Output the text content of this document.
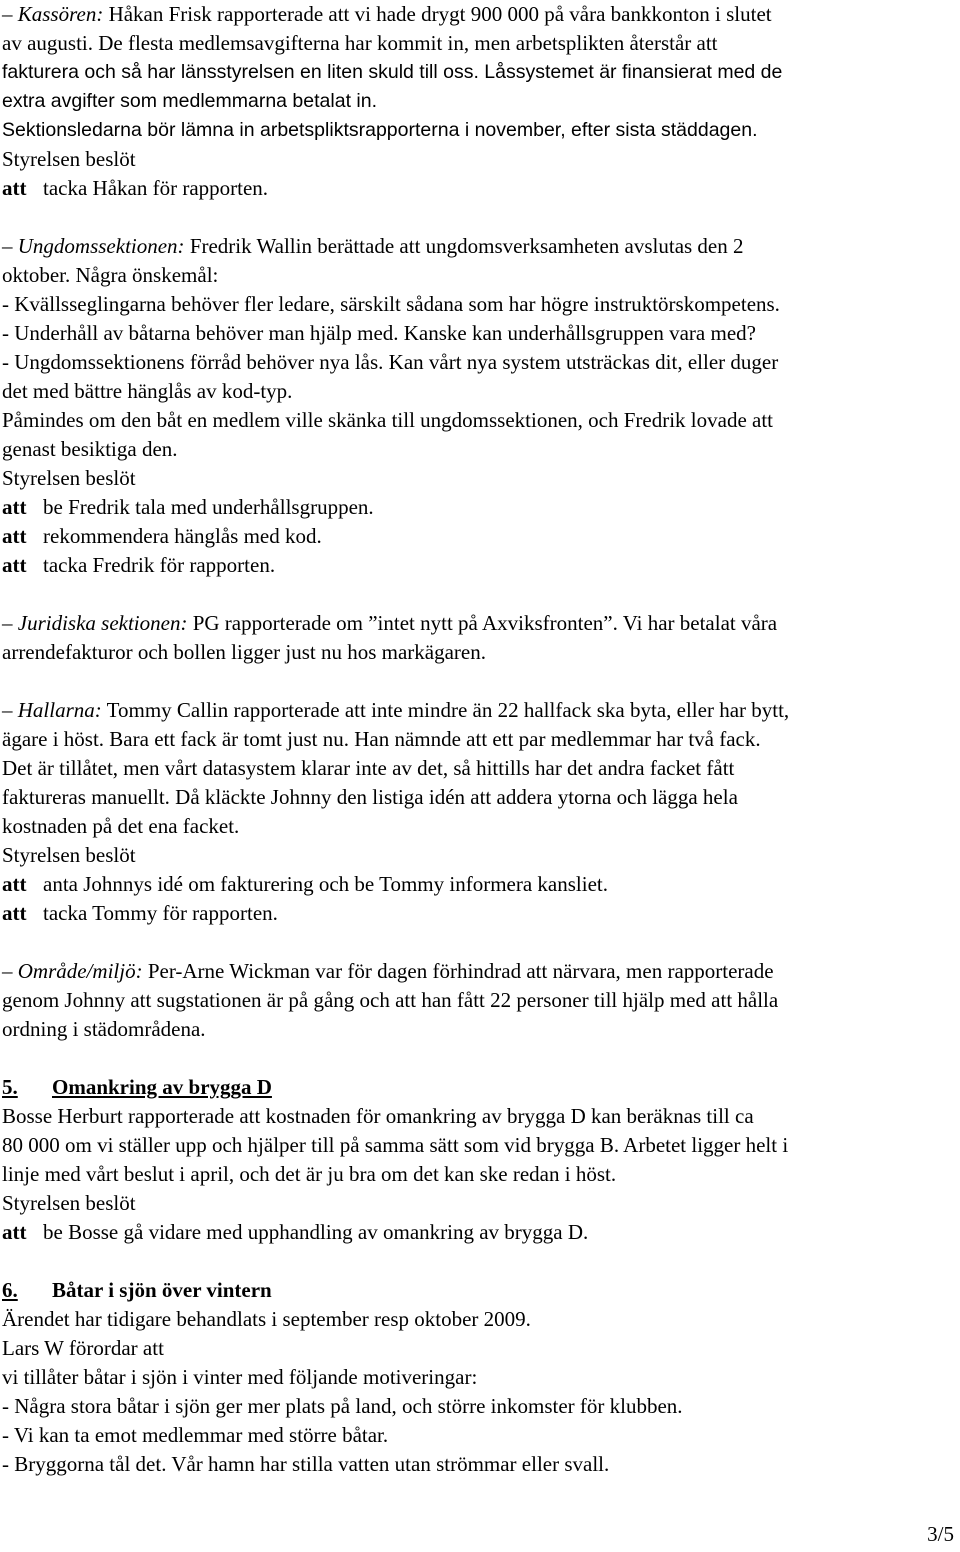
– Kassören: Håkan Frisk rapporterade att vi hade drygt 900 000 på våra bankkonton i slutet
av augusti. De flesta medlemsavgifterna har kommit in, men arbetsplikten återstår att
fakturera och så har länsstyrelsen en liten skuld till oss. Låssystemet är finansierat med de
extra avgifter som medlemmarna betalat in.
Sektionsledarna bör lämna in arbetspliktsrapporterna i november, efter sista städdagen.
Styrelsen beslöt
att tacka Håkan för rapporten.
– Ungdomssektionen: Fredrik Wallin berättade att ungdomsverksamheten avslutas den 2
oktober. Några önskemål:
- Kvällsseglingarna behöver fler ledare, särskilt sådana som har högre instruktörskompetens.
- Underhåll av båtarna behöver man hjälp med. Kanske kan underhållsgruppen vara med?
- Ungdomssektionens förråd behöver nya lås. Kan vårt nya system utsträckas dit, eller duger
det med bättre hänglås av kod-typ.
Påmindes om den båt en medlem ville skänka till ungdomssektionen, och Fredrik lovade att
genast besiktiga den.
Styrelsen beslöt
att be Fredrik tala med underhållsgruppen.
att rekommendera hänglås med kod.
att tacka Fredrik för rapporten.
– Juridiska sektionen: PG rapporterade om ”intet nytt på Axviksfronten”. Vi har betalat våra
arrendefakturor och bollen ligger just nu hos markägaren.
– Hallarna: Tommy Callin rapporterade att inte mindre än 22 hallfack ska byta, eller har bytt,
ägare i höst. Bara ett fack är tomt just nu. Han nämnde att ett par medlemmar har två fack.
Det är tillåtet, men vårt datasystem klarar inte av det, så hittills har det andra facket fått
faktureras manuellt. Då kläckte Johnny den listiga idén att addera ytorna och lägga hela
kostnaden på det ena facket.
Styrelsen beslöt
att anta Johnnys idé om fakturering och be Tommy informera kansliet.
att tacka Tommy för rapporten.
– Område/miljö: Per-Arne Wickman var för dagen förhindrad att närvara, men rapporterade
genom Johnny att sugstationen är på gång och att han fått 22 personer till hjälp med att hålla
ordning i städområdena.
5. Omankring av brygga D
Bosse Herburt rapporterade att kostnaden för omankring av brygga D kan beräknas till ca
80 000 om vi ställer upp och hjälper till på samma sätt som vid brygga B. Arbetet ligger helt i
linje med vårt beslut i april, och det är ju bra om det kan ske redan i höst.
Styrelsen beslöt
att be Bosse gå vidare med upphandling av omankring av brygga D.
6. Båtar i sjön över vintern
Ärendet har tidigare behandlats i september resp oktober 2009.
Lars W förordar att
vi tillåter båtar i sjön i vinter med följande motiveringar:
- Några stora båtar i sjön ger mer plats på land, och större inkomster för klubben.
- Vi kan ta emot medlemmar med större båtar.
- Bryggorna tål det. Vår hamn har stilla vatten utan strömmar eller svall.
3/5
